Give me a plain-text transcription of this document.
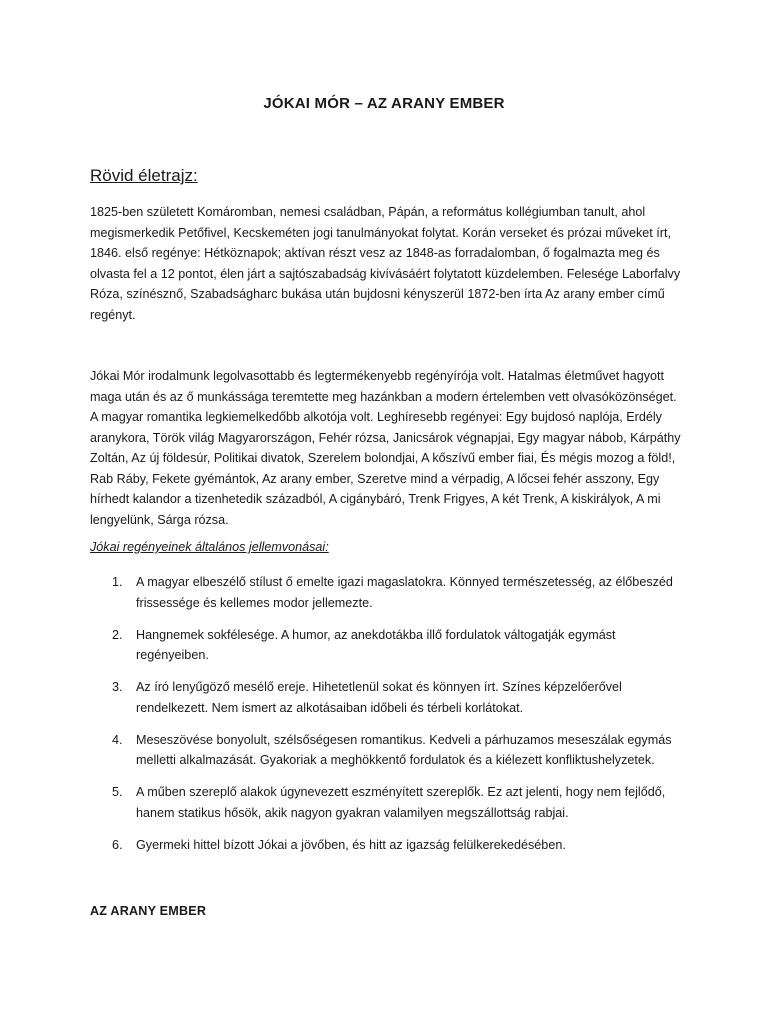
JÓKAI MÓR – AZ ARANY EMBER
Rövid életrajz:

1825-ben született Komáromban, nemesi családban, Pápán, a református kollégiumban tanult, ahol megismerkedik Petőfivel, Kecskeméten jogi tanulmányokat folytat. Korán verseket és prózai műveket írt, 1846. első regénye: Hétköznapok; aktívan részt vesz az 1848-as forradalomban, ő fogalmazta meg és olvasta fel a 12 pontot, élen járt a sajtószabadság kivívásáért folytatott küzdelemben. Felesége Laborfalvy Róza, színésznő, Szabadságharc bukása után bujdosni kényszerül 1872-ben írta Az arany ember című regényt.

Jókai Mór irodalmunk legolvasottabb és legtermékenyebb regényírója volt. Hatalmas életművet hagyott maga után és az ő munkássága teremtette meg hazánkban a modern értelemben vett olvasóközönséget. A magyar romantika legkiemelkedőbb alkotója volt. Leghíresebb regényei: Egy bujdosó naplója, Erdély aranykora, Török világ Magyarországon, Fehér rózsa, Janicsárok végnapjai, Egy magyar nábob, Kárpáthy Zoltán, Az új földesúr, Politikai divatok, Szerelem bolondjai, A kőszívű ember fiai, És mégis mozog a föld!, Rab Ráby, Fekete gyémántok, Az arany ember, Szeretve mind a vérpadig, A lőcsei fehér asszony, Egy hírhedt kalandor a tizenhetedik századból, A cigánybáró, Trenk Frigyes, A két Trenk, A kiskirályok, A mi lengyelünk, Sárga rózsa.

Jókai regényeinek általános jellemvonásai:
1. A magyar elbeszélő stílust ő emelte igazi magaslatokra. Könnyed természetesség, az élőbeszéd frissessége és kellemes modor jellemezte.
2. Hangnemek sokfélesége. A humor, az anekdotákba illő fordulatok váltogatják egymást regényeiben.
3. Az író lenyűgöző mesélő ereje. Hihetetlenül sokat és könnyen írt. Színes képzelőerővel rendelkezett. Nem ismert az alkotásaiban időbeli és térbeli korlátokat.
4. Meseszövése bonyolult, szélsőségesen romantikus. Kedveli a párhuzamos meseszálak egymás melletti alkalmazását. Gyakoriak a meghökkentő fordulatok és a kiélezett konfliktushelyzetek.
5. A műben szereplő alakok úgynevezett eszményített szereplők. Ez azt jelenti, hogy nem fejlődő, hanem statikus hősök, akik nagyon gyakran valamilyen megszállottság rabjai.
6. Gyermeki hittel bízott Jókai a jövőben, és hitt az igazság felülkerekedésében.
AZ ARANY EMBER
